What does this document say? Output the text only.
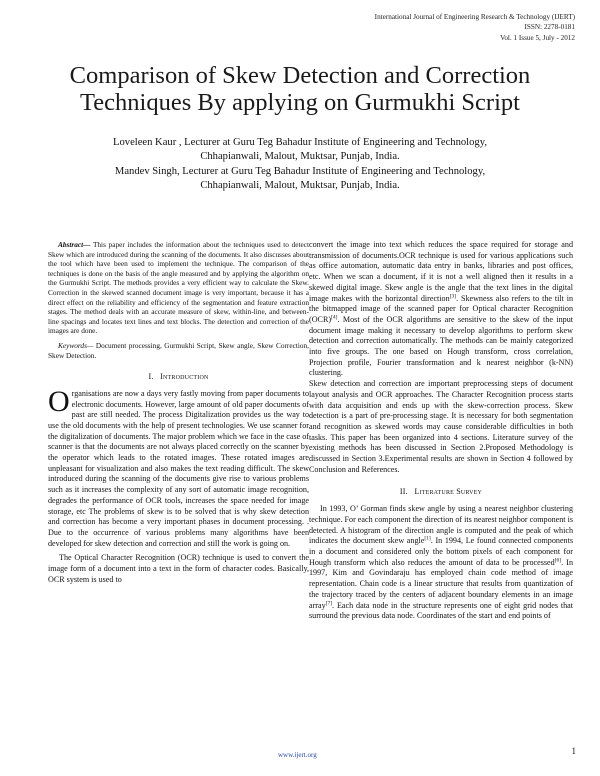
International Journal of Engineering Research & Technology (IJERT)
ISSN: 2278-0181
Vol. 1 Issue 5, July - 2012
Comparison of Skew Detection and Correction
Techniques By applying on Gurmukhi Script
Loveleen Kaur , Lecturer at Guru Teg Bahadur Institute of Engineering and Technology,
Chhapianwali, Malout, Muktsar, Punjab, India.
Mandev Singh, Lecturer at Guru Teg Bahadur Institute of Engineering and Technology,
Chhapianwali, Malout, Muktsar, Punjab, India.

Abstract— This paper includes the information about the techniques used to detect Skew which are introduced during the scanning of the documents. It also discusses about the tool which have been used to implement the technique. The comparison of the techniques is done on the basis of the angle measured and by applying the algorithm on the Gurmukhi Script. The methods provides a very efficient way to calculate the Skew. Correction in the skewed scanned document image is very important, because it has a direct effect on the reliability and efficiency of the segmentation and feature extraction stages. The method deals with an accurate measure of skew, within-line, and between-line spacings and locates text lines and text blocks. The detection and correction of the images are done.

Keywords— Document processing, Gurmukhi Script, Skew angle, Skew Correction, Skew Detection.

I. Introduction

Organisations are now a days very fastly moving from paper documents to electronic documents. However, large amount of old paper documents of past are still needed. The process Digitalization provides us the way to use the old documents with the help of present technologies. We use scanner for the digitalization of documents. The major problem which we face in the case of scanner is that the documents are not always placed correctly on the scanner by the operator which leads to the rotated images. These rotated images are unpleasant for visualization and also makes the text reading difficult. The skew introduced during the scanning of the documents give rise to various problems such as it increases the complexity of any sort of automatic image recognition, degrades the performance of OCR tools, increases the space needed for image storage, etc The problems of skew is to be solved that is why skew detection and correction has become a very important phases in document processing. . Due to the occurrence of various problems many algorithms have been developed for skew detection and correction and still the work is going on.

The Optical Character Recognition (OCR) technique is used to convert the image form of a document into a text in the form of character codes. Basically, OCR system is used to

convert the image into text which reduces the space required for storage and transmission of documents.OCR technique is used for various applications such as office automation, automatic data entry in banks, libraries and post offices, etc. When we scan a document, if it is not a well aligned then it results in a skewed digital image. Skew angle is the angle that the text lines in the digital image makes with the horizontal direction[3]. Skewness also refers to the tilt in the bitmapped image of the scanned paper for Optical character Recognition (OCR)[4]. Most of the OCR algorithms are sensitive to the skew of the input document image making it necessary to develop algorithms to perform skew detection and correction automatically. The methods can be mainly categorized into five groups. The one based on Hough transform, cross correlation, Projection profile, Fourier transformation and k nearest neighbor (k-NN) clustering.

Skew detection and correction are important preprocessing steps of document layout analysis and OCR approaches. The Character Recognition process starts with data acquisition and ends up with the skew-correction process. Skew detection is a part of pre-processing stage. It is necessary for both segmentation and recognition as skewed words may cause considerable difficulties in both tasks. This paper has been organized into 4 sections. Literature survey of the existing methods has been discussed in Section 2.Proposed Methodology is discussed in Section 3.Experimental results are shown in Section 4 followed by Conclusion and References.

II. Literature Survey

In 1993, O’ Gorman finds skew angle by using a nearest neighbor clustering technique. For each component the direction of its nearest neighbor component is detected. A histogram of the direction angle is computed and the peak of which indicates the document skew angle[1]. In 1994, Le found connected components in a document and considered only the bottom pixels of each component for Hough transform which also reduces the amount of data to be processed[6]. In 1997, Kim and Govindaraju has employed chain code method of image representation. Chain code is a linear structure that results from quantization of the trajectory traced by the centers of adjacent boundary elements in an image array[7]. Each data node in the structure represents one of eight grid nodes that surround the previous data node. Coordinates of the start and end points of

www.ijert.org	1
